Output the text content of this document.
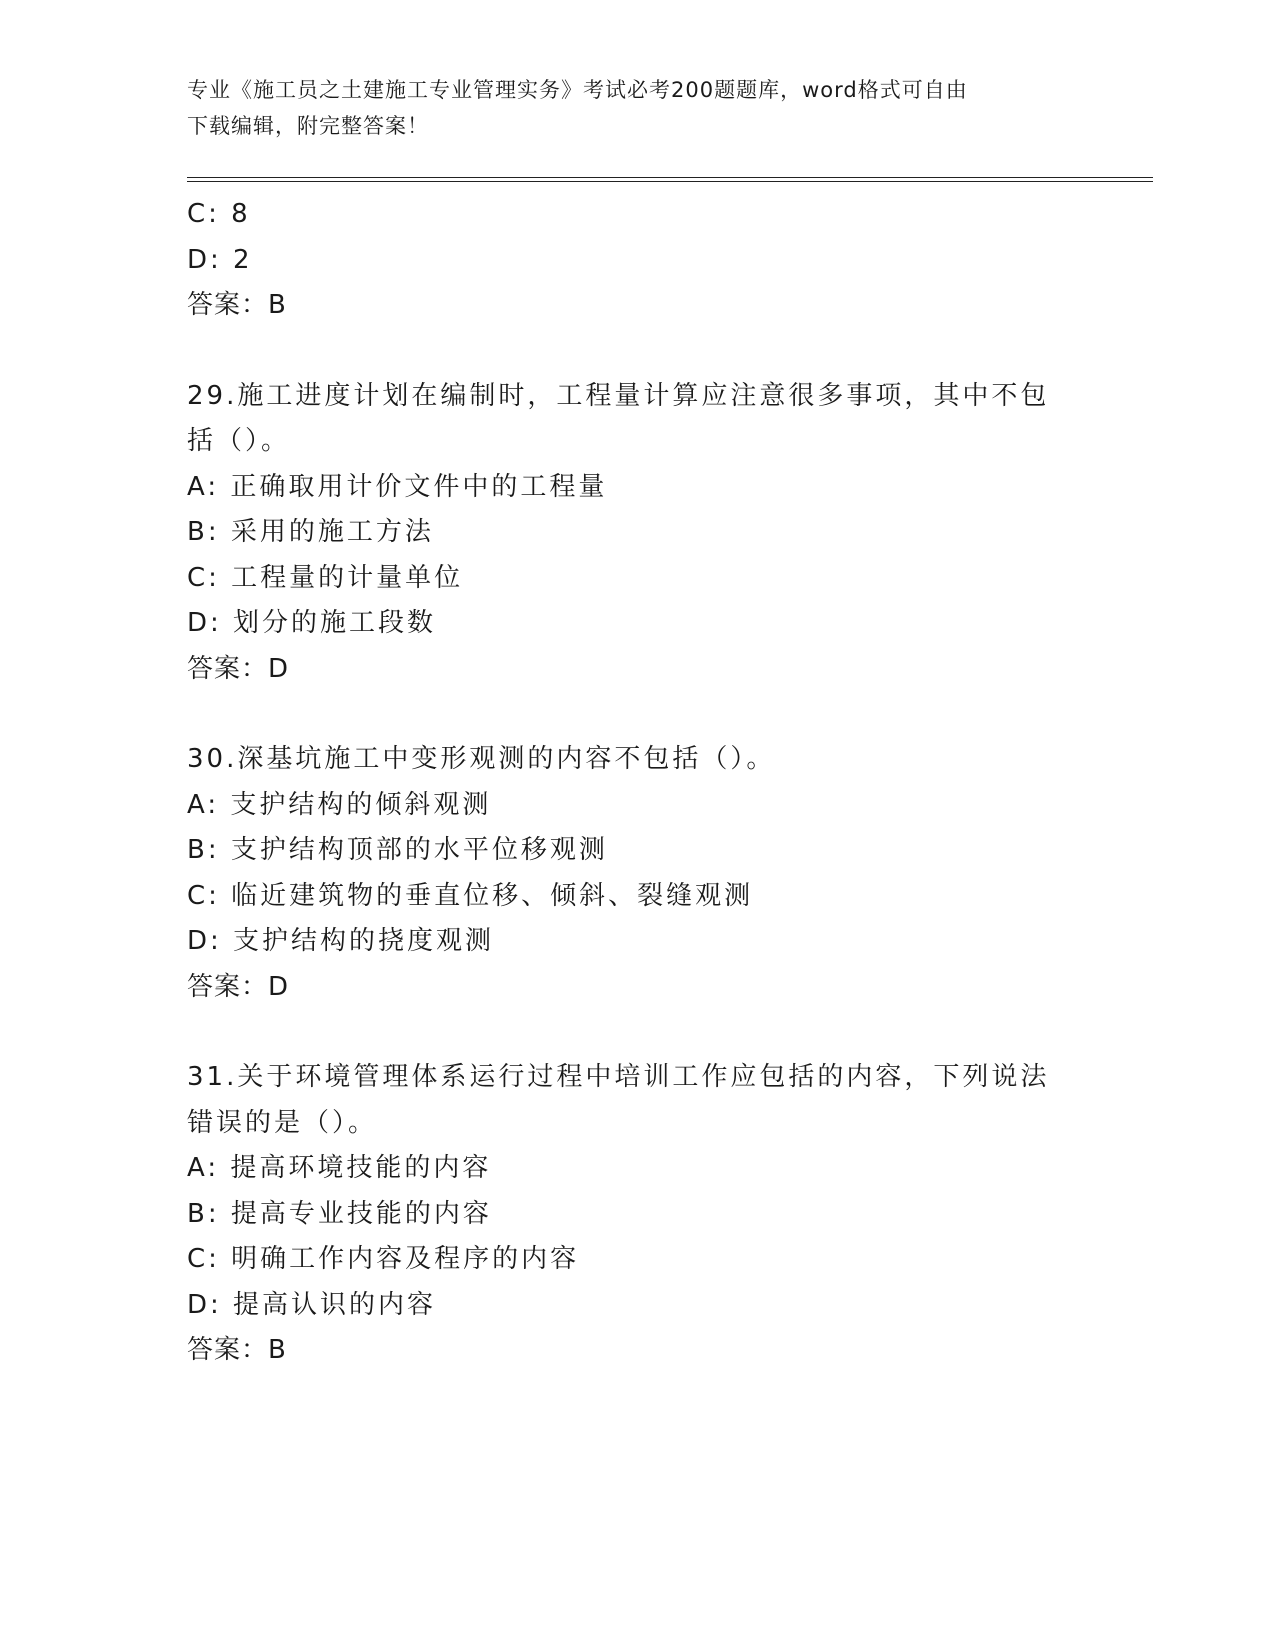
专业《施工员之土建施工专业管理实务》考试必考200题题库，word格式可自由
下载编辑，附完整答案！
C: 8
D: 2
答案：B
29.施工进度计划在编制时，工程量计算应注意很多事项，其中不包括（）。
A: 正确取用计价文件中的工程量
B: 采用的施工方法
C: 工程量的计量单位
D: 划分的施工段数
答案：D
30.深基坑施工中变形观测的内容不包括（）。
A: 支护结构的倾斜观测
B: 支护结构顶部的水平位移观测
C: 临近建筑物的垂直位移、倾斜、裂缝观测
D: 支护结构的挠度观测
答案：D
31.关于环境管理体系运行过程中培训工作应包括的内容，下列说法错误的是（）。
A: 提高环境技能的内容
B: 提高专业技能的内容
C: 明确工作内容及程序的内容
D: 提高认识的内容
答案：B
